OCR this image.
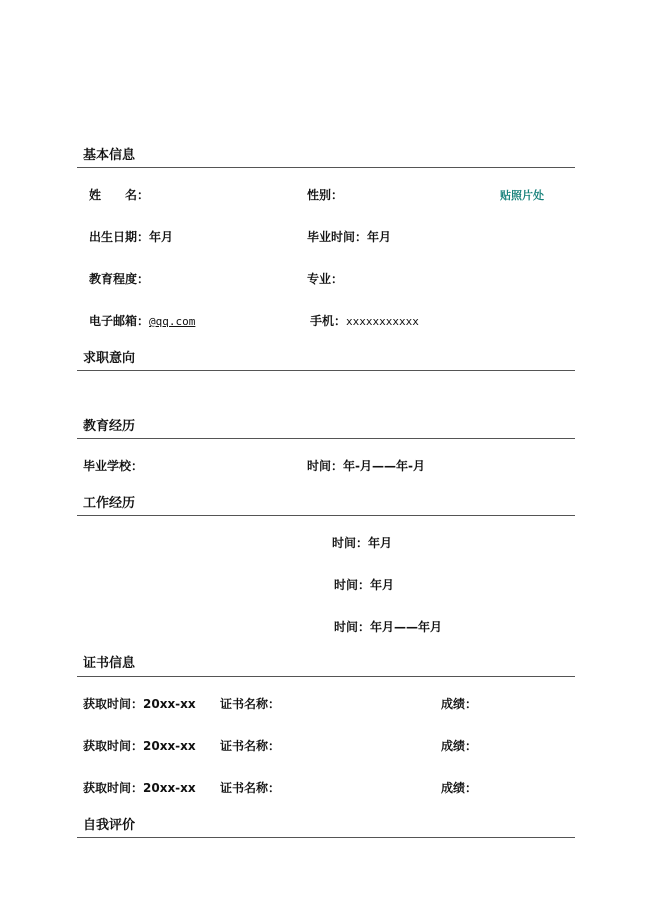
基本信息
姓　　名：	性别：	贴照片处
出生日期：年月	毕业时间：年月
教育程度：	专业：
电子邮箱：@qq.com	手机：xxxxxxxxxxx
求职意向
教育经历
毕业学校：	时间：年-月——年-月
工作经历
时间：年月
时间：年月
时间：年月——年月
证书信息
获取时间：20xx-xx 证书名称：	成绩：
获取时间：20xx-xx 证书名称：	成绩：
获取时间：20xx-xx 证书名称：	成绩：
自我评价
